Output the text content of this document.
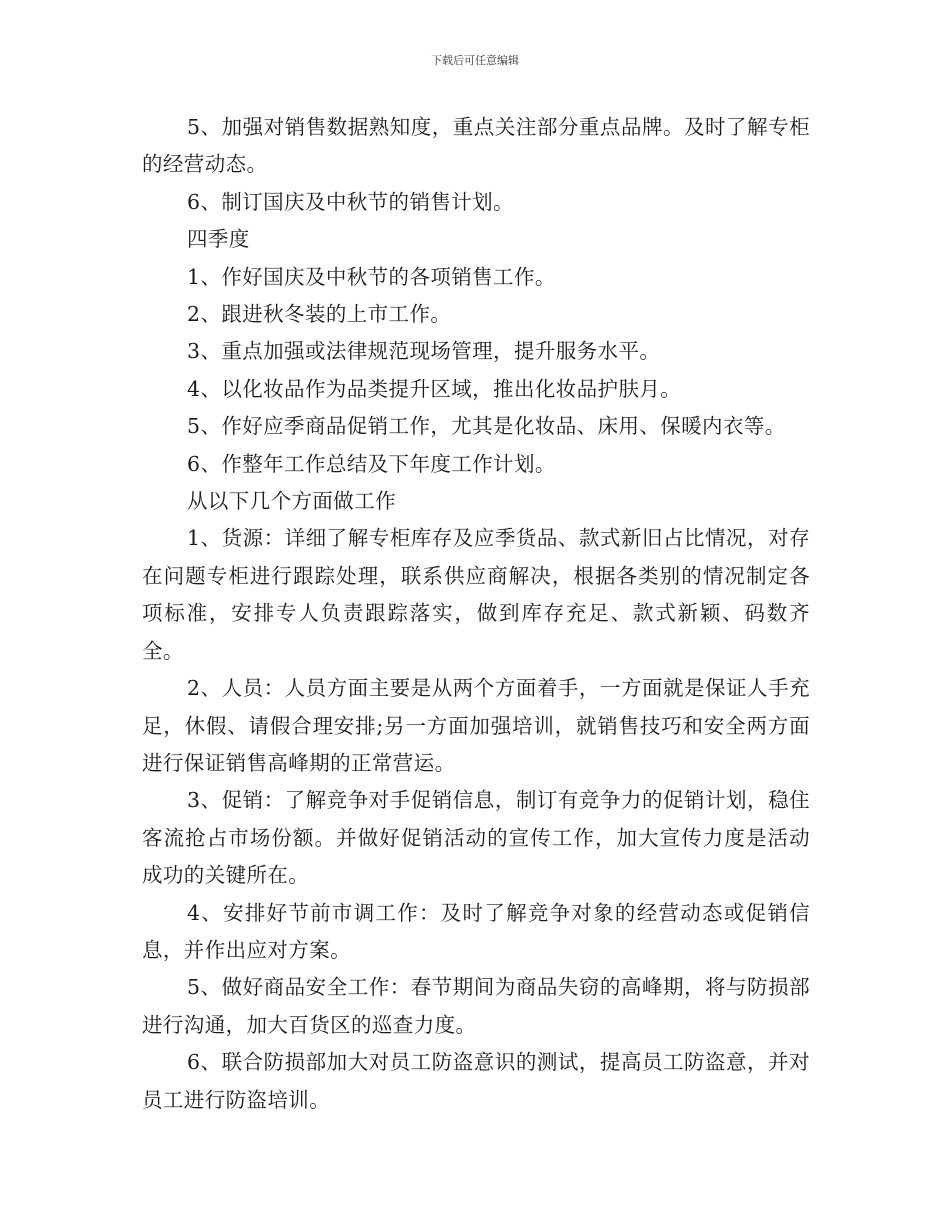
下载后可任意编辑

5、加强对销售数据熟知度，重点关注部分重点品牌。及时了解专柜的经营动态。

6、制订国庆及中秋节的销售计划。

四季度

1、作好国庆及中秋节的各项销售工作。

2、跟进秋冬装的上市工作。

3、重点加强或法律规范现场管理，提升服务水平。

4、以化妆品作为品类提升区域，推出化妆品护肤月。

5、作好应季商品促销工作，尤其是化妆品、床用、保暖内衣等。

6、作整年工作总结及下年度工作计划。

从以下几个方面做工作

1、货源：详细了解专柜库存及应季货品、款式新旧占比情况，对存在问题专柜进行跟踪处理，联系供应商解决，根据各类别的情况制定各项标准，安排专人负责跟踪落实，做到库存充足、款式新颖、码数齐全。

2、人员：人员方面主要是从两个方面着手，一方面就是保证人手充足，休假、请假合理安排;另一方面加强培训，就销售技巧和安全两方面进行保证销售高峰期的正常营运。

3、促销：了解竞争对手促销信息，制订有竞争力的促销计划，稳住客流抢占市场份额。并做好促销活动的宣传工作，加大宣传力度是活动成功的关键所在。

4、安排好节前市调工作：及时了解竞争对象的经营动态或促销信息，并作出应对方案。

5、做好商品安全工作：春节期间为商品失窃的高峰期，将与防损部进行沟通，加大百货区的巡查力度。

6、联合防损部加大对员工防盗意识的测试，提高员工防盗意，并对员工进行防盗培训。
